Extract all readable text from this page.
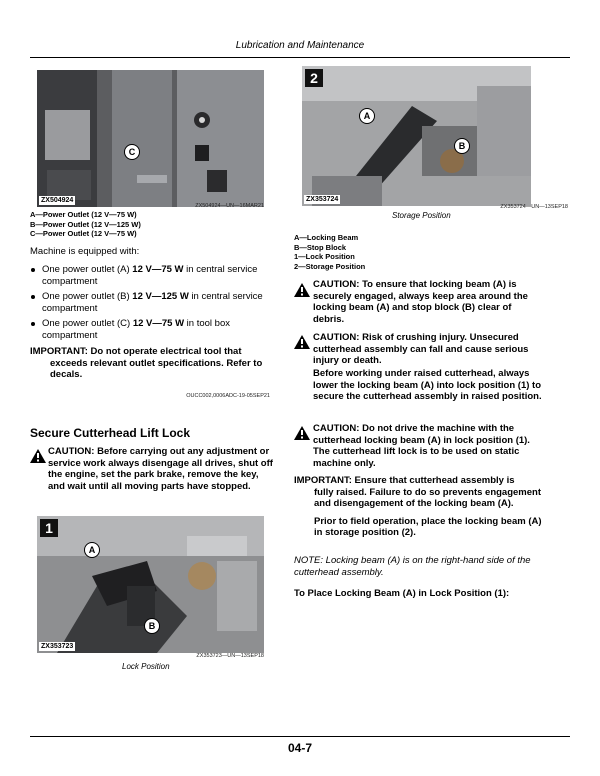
Lubrication and Maintenance
C
ZX504924
ZX504924—UN—16MAR21
A—Power Outlet (12 V—75 W)
B—Power Outlet (12 V—125 W)
C—Power Outlet (12 V—75 W)
Machine is equipped with:
One power outlet (A) 12 V—75 W in central service compartment
One power outlet (B) 12 V—125 W in central service compartment
One power outlet (C) 12 V—75 W in tool box compartment
IMPORTANT: Do not operate electrical tool that
exceeds relevant outlet specifications. Refer to
decals.
OUCC002,0006ADC-19-05SEP21
Secure Cutterhead Lift Lock
CAUTION: Before carrying out any adjustment or service work always disengage all drives, shut off the engine, set the park brake, remove the key, and wait until all moving parts have stopped.
1
A
B
ZX353723
ZX353723—UN—13SEP18
Lock Position
2
A
B
ZX353724
ZX353724—UN—13SEP18
Storage Position
A—Locking Beam
B—Stop Block
1—Lock Position
2—Storage Position
CAUTION: To ensure that locking beam (A) is securely engaged, always keep area around the locking beam (A) and stop block (B) clear of debris.
CAUTION: Risk of crushing injury. Unsecured cutterhead assembly can fall and cause serious injury or death.
Before working under raised cutterhead, always lower the locking beam (A) into lock position (1) to secure the cutterhead assembly in raised position.
CAUTION: Do not drive the machine with the cutterhead locking beam (A) in lock position (1). The cutterhead lift lock is to be used on static machine only.
IMPORTANT: Ensure that cutterhead assembly is
fully raised. Failure to do so prevents engagement and disengagement of the locking beam (A).
Prior to field operation, place the locking beam (A) in storage position (2).
NOTE: Locking beam (A) is on the right-hand side of the cutterhead assembly.
To Place Locking Beam (A) in Lock Position (1):
04-7
